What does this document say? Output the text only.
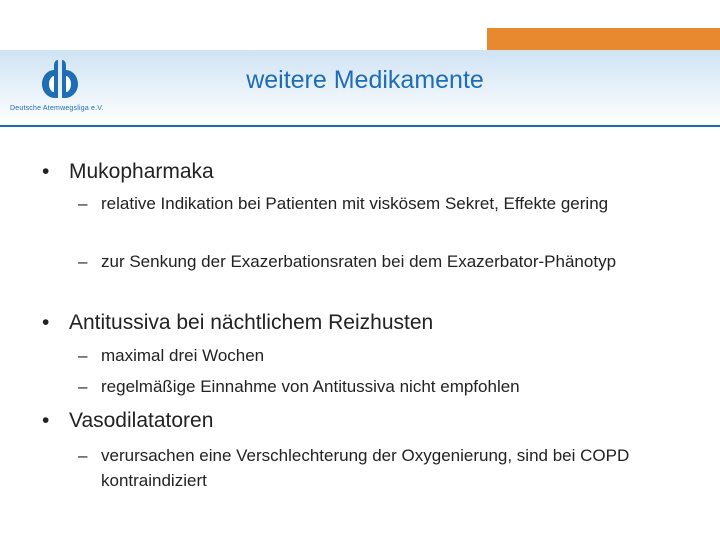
Deutsche Atemwegsliga e.V.
weitere Medikamente
• Mukopharmaka
– relative Indikation bei Patienten mit viskösem Sekret, Effekte gering
– zur Senkung der Exazerbationsraten bei dem Exazerbator-Phänotyp
• Antitussiva bei nächtlichem Reizhusten
– maximal drei Wochen
– regelmäßige Einnahme von Antitussiva nicht empfohlen
• Vasodilatatoren
– verursachen eine Verschlechterung der Oxygenierung, sind bei COPD kontraindiziert
